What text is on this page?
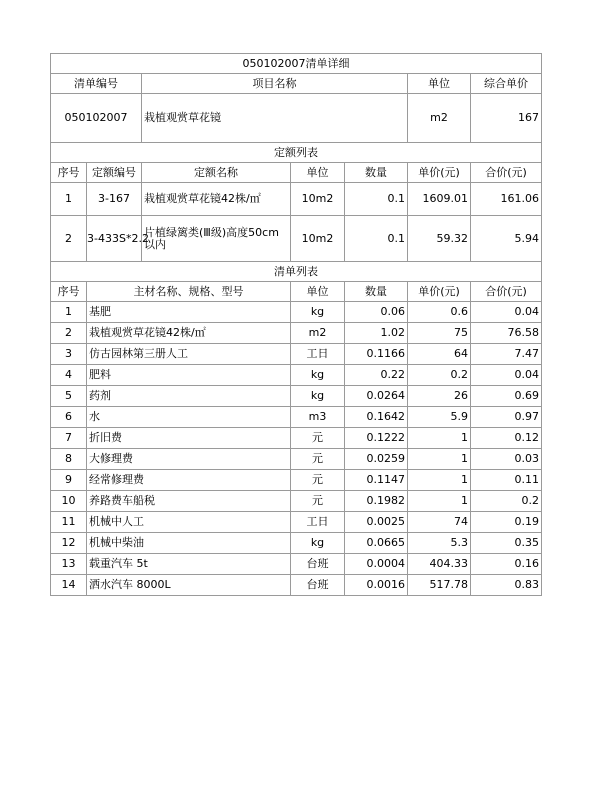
050102007清单详细						
清单编号		项目名称			单位	综合单价
050102007		栽植观赏草花镜			m2	167
定额列表						
序号	定额编号	定额名称	单位	数量	单价(元)	合价(元)
1	3-167	栽植观赏草花镜42株/㎡	10m2	0.1	1609.01	161.06
2	3-433S*2.2	片植绿篱类(Ⅲ级)高度50cm以内	10m2	0.1	59.32	5.94
清单列表						
序号	主材名称、规格、型号		单位	数量	单价(元)	合价(元)
1	基肥		kg	0.06	0.6	0.04
2	栽植观赏草花镜42株/㎡		m2	1.02	75	76.58
3	仿古园林第三册人工		工日	0.1166	64	7.47
4	肥料		kg	0.22	0.2	0.04
5	药剂		kg	0.0264	26	0.69
6	水		m3	0.1642	5.9	0.97
7	折旧费		元	0.1222	1	0.12
8	大修理费		元	0.0259	1	0.03
9	经常修理费		元	0.1147	1	0.11
10	养路费车船税		元	0.1982	1	0.2
11	机械中人工		工日	0.0025	74	0.19
12	机械中柴油		kg	0.0665	5.3	0.35
13	载重汽车 5t		台班	0.0004	404.33	0.16
14	洒水汽车 8000L		台班	0.0016	517.78	0.83
